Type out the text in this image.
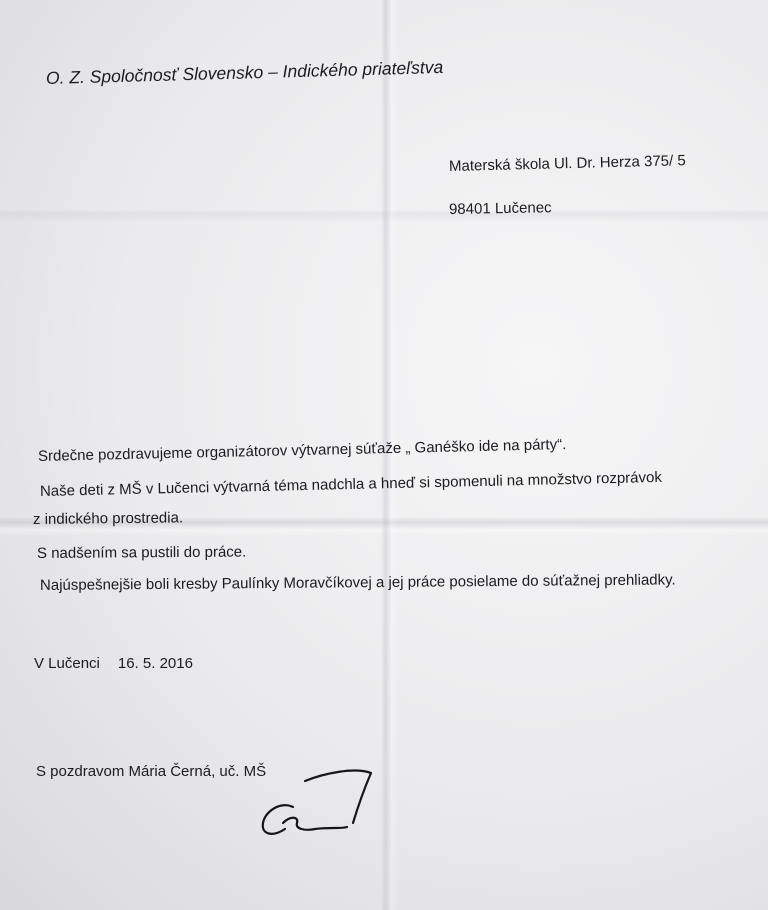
O. Z. Spoločnosť Slovensko – Indického priateľstva
Materská škola Ul. Dr. Herza 375/ 5
98401 Lučenec
Srdečne pozdravujeme organizátorov výtvarnej súťaže „ Ganéško ide na párty“.
Naše deti z MŠ v Lučenci výtvarná téma nadchla a hneď si spomenuli na množstvo rozprávok
z indického prostredia.
S nadšením sa pustili do práce.
Najúspešnejšie boli kresby Paulínky Moravčíkovej a jej práce posielame do súťažnej prehliadky.
V Lučenci 16. 5. 2016
S pozdravom Mária Černá, uč. MŠ
